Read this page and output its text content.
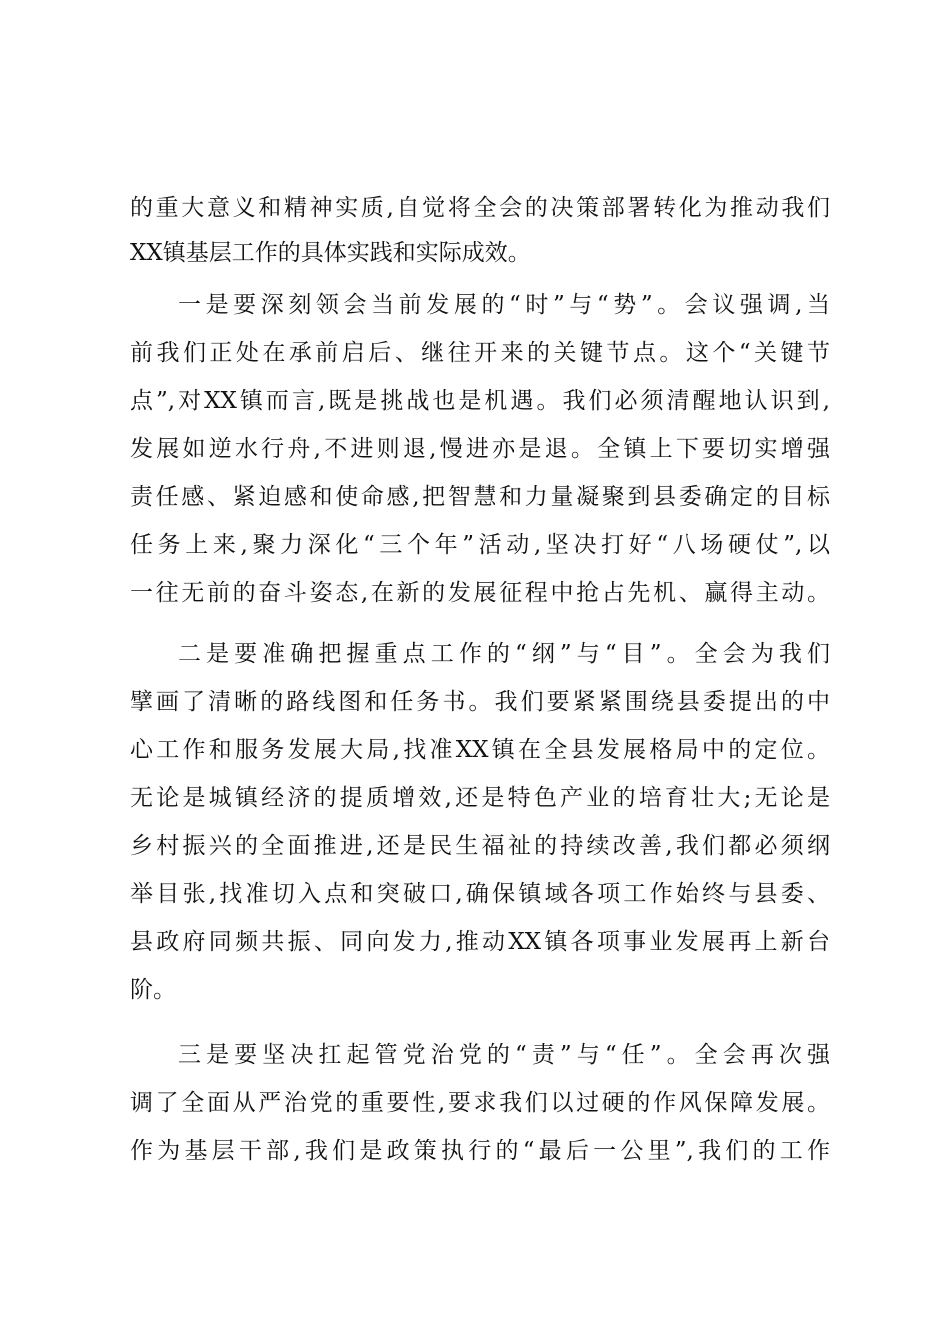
的重大意义和精神实质,自觉将全会的决策部署转化为推动我们
XX镇基层工作的具体实践和实际成效。
一是要深刻领会当前发展的“时”与“势”。会议强调,当
前我们正处在承前启后、继往开来的关键节点。这个“关键节
点”,对XX镇而言,既是挑战也是机遇。我们必须清醒地认识到,
发展如逆水行舟,不进则退,慢进亦是退。全镇上下要切实增强
责任感、紧迫感和使命感,把智慧和力量凝聚到县委确定的目标
任务上来,聚力深化“三个年”活动,坚决打好“八场硬仗”,以
一往无前的奋斗姿态,在新的发展征程中抢占先机、赢得主动。
二是要准确把握重点工作的“纲”与“目”。全会为我们
擘画了清晰的路线图和任务书。我们要紧紧围绕县委提出的中
心工作和服务发展大局,找准XX镇在全县发展格局中的定位。
无论是城镇经济的提质增效,还是特色产业的培育壮大;无论是
乡村振兴的全面推进,还是民生福祉的持续改善,我们都必须纲
举目张,找准切入点和突破口,确保镇域各项工作始终与县委、
县政府同频共振、同向发力,推动XX镇各项事业发展再上新台
阶。
三是要坚决扛起管党治党的“责”与“任”。全会再次强
调了全面从严治党的重要性,要求我们以过硬的作风保障发展。
作为基层干部,我们是政策执行的“最后一公里”,我们的工作
